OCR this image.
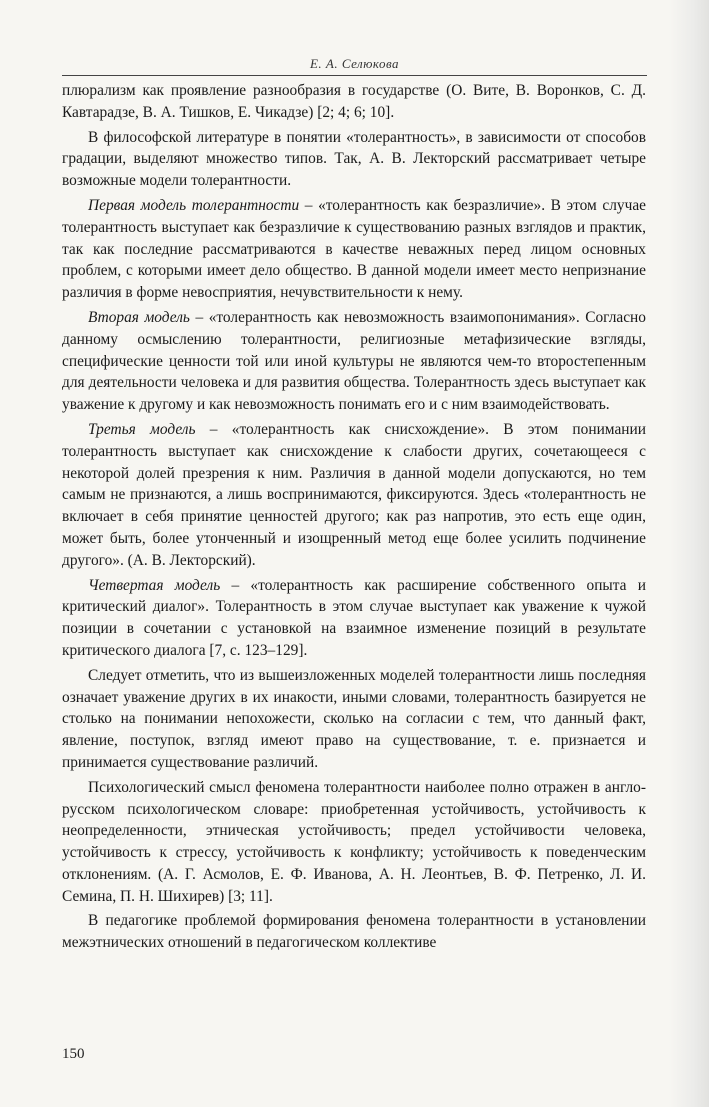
Е. А. Селюкова

плюрализм как проявление разнообразия в государстве (О. Вите, В. Воронков, С. Д. Кавтарадзе, В. А. Тишков, Е. Чикадзе) [2; 4; 6; 10].

В философской литературе в понятии «толерантность», в зависимости от способов градации, выделяют множество типов. Так, А. В. Лекторский рассматривает четыре возможные модели толерантности.

Первая модель толерантности – «толерантность как безразличие». В этом случае толерантность выступает как безразличие к существованию разных взглядов и практик, так как последние рассматриваются в качестве неважных перед лицом основных проблем, с которыми имеет дело общество. В данной модели имеет место непризнание различия в форме невосприятия, нечувствительности к нему.

Вторая модель – «толерантность как невозможность взаимопонимания». Согласно данному осмыслению толерантности, религиозные метафизические взгляды, специфические ценности той или иной культуры не являются чем-то второстепенным для деятельности человека и для развития общества. Толерантность здесь выступает как уважение к другому и как невозможность понимать его и с ним взаимодействовать.

Третья модель – «толерантность как снисхождение». В этом понимании толерантность выступает как снисхождение к слабости других, сочетающееся с некоторой долей презрения к ним. Различия в данной модели допускаются, но тем самым не признаются, а лишь воспринимаются, фиксируются. Здесь «толерантность не включает в себя принятие ценностей другого; как раз напротив, это есть еще один, может быть, более утонченный и изощренный метод еще более усилить подчинение другого». (А. В. Лекторский).

Четвертая модель – «толерантность как расширение собственного опыта и критический диалог». Толерантность в этом случае выступает как уважение к чужой позиции в сочетании с установкой на взаимное изменение позиций в результате критического диалога [7, с. 123–129].

Следует отметить, что из вышеизложенных моделей толерантности лишь последняя означает уважение других в их инакости, иными словами, толерантность базируется не столько на понимании непохожести, сколько на согласии с тем, что данный факт, явление, поступок, взгляд имеют право на существование, т. е. признается и принимается существование различий.

Психологический смысл феномена толерантности наиболее полно отражен в англо-русском психологическом словаре: приобретенная устойчивость, устойчивость к неопределенности, этническая устойчивость; предел устойчивости человека, устойчивость к стрессу, устойчивость к конфликту; устойчивость к поведенческим отклонениям. (А. Г. Асмолов, Е. Ф. Иванова, А. Н. Леонтьев, В. Ф. Петренко, Л. И. Семина, П. Н. Шихирев) [3; 11].

В педагогике проблемой формирования феномена толерантности в установлении межэтнических отношений в педагогическом коллективе

150
